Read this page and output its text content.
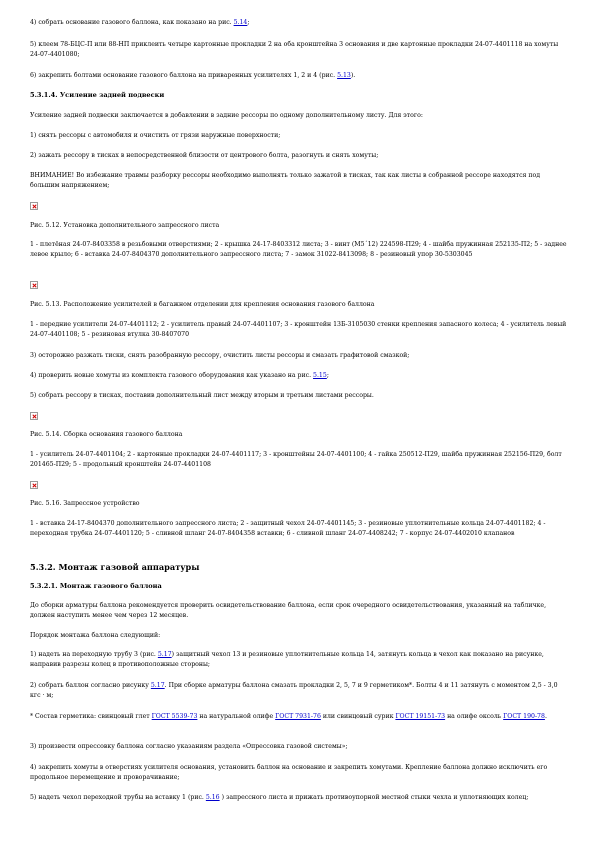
4) собрать основание газового баллона, как показано на рис. 5.14;
5) клеем 78-БЦС-П или 88-НП приклеить четыре картонные прокладки 2 на оба кронштейна 3 основания и две картонные прокладки 24-07-4401118 на хомуты 24-07-4401080;
6) закрепить болтами основание газового баллона на приваренных усилителях 1, 2 и 4 (рис. 5.13).
5.3.1.4. Усиление задней подвески
Усиление задней подвески заключается в добавлении в задние рессоры по одному дополнительному листу. Для этого:
1) снять рессоры с автомобиля и очистить от грязи наружные поверхности;
2) зажать рессору в тисках в непосредственной близости от центрового болта, разогнуть и снять хомуты;
ВНИМАНИЕ! Во избежание травмы разборку рессоры необходимо выполнять только зажатой в тисках, так как листы в собранной рессоре находятся под большим напряжением;
Рис. 5.12. Установка дополнительного запрессного листа
1 - плетёная 24-07-8403358 в резьбовыми отверстиями; 2 - крышка 24-17-8403312 листа; 3 - винт (М5´12) 224598-П29; 4 - шайба пружинная 252135-П2; 5 - заднее левое крыло; 6 - вставка 24-07-8404370 дополнительного запрессного листа; 7 - замок 31022-8413098; 8 - резиновый упор 30-5303045
Рис. 5.13. Расположение усилителей в багажном отделении для крепления основания газового баллона
1 - передние усилители 24-07-4401112; 2 - усилитель правый 24-07-4401107; 3 - кронштейн 13Б-3105030 стенки крепления запасного колеса; 4 - усилитель левый 24-07-4401108; 5 - резиновая втулка 30-8407070
3) осторожно разжать тиски, снять разобранную рессору, очистить листы рессоры и смазать графитовой смазкой;
4) проверить новые хомуты из комплекта газового оборудования как указано на рис. 5.15;
5) собрать рессору в тисках, поставив дополнительный лист между вторым и третьим листами рессоры.
Рис. 5.14. Сборка основания газового баллона
1 - усилитель 24-07-4401104; 2 - картонные прокладки 24-07-4401117; 3 - кронштейны 24-07-4401100; 4 - гайка 250512-П29, шайба пружинная 252156-П29, болт 201465-П29; 5 - продольный кронштейн 24-07-4401108
Рис. 5.16. Запрессное устройство
1 - вставка 24-17-8404370 дополнительного запрессного листа; 2 - защитный чехол 24-07-4401145; 3 - резиновые уплотнительные кольца 24-07-4401182; 4 - переходная трубка 24-07-4401120; 5 - сливной шланг 24-07-8404358 вставки; 6 - сливной шланг 24-07-4408242; 7 - корпус 24-07-4402010 клапанов
5.3.2. Монтаж газовой аппаратуры
5.3.2.1. Монтаж газового баллона
До сборки арматуры баллона рекомендуется проверить освидетельствование баллона, если срок очередного освидетельствования, указанный на табличке, должен наступить менее чем через 12 месяцев.
Порядок монтажа баллона следующий:
1) надеть на переходную трубу 3 (рис. 5.17) защитный чехол 13 и резиновые уплотнительные кольца 14, затянуть кольца в чехол как показано на рисунке, направив разрезы колец в противоположные стороны;
2) собрать баллон согласно рисунку 5.17. При сборке арматуры баллона смазать прокладки 2, 5, 7 и 9 герметиком*. Болты 4 и 11 затянуть с моментом 2,5 - 3,0 кгс · м;
* Состав герметика: свинцовый глет ГОСТ 5539-73 на натуральной олифе ГОСТ 7931-76 или свинцовый сурик ГОСТ 19151-73 на олифе оксоль ГОСТ 190-78.
3) произвести опрессовку баллона согласно указаниям раздела «Опрессовка газовой системы»;
4) закрепить хомуты в отверстиях усилителя основания, установить баллон на основание и закрепить хомутами. Крепление баллона должно исключить его продольное перемещение и проворачивание;
5) надеть чехол переходной трубы на вставку 1 (рис. 5.16 ) запрессного листа и прижать противоупорной местной стыки чехла и уплотняющих колец;
